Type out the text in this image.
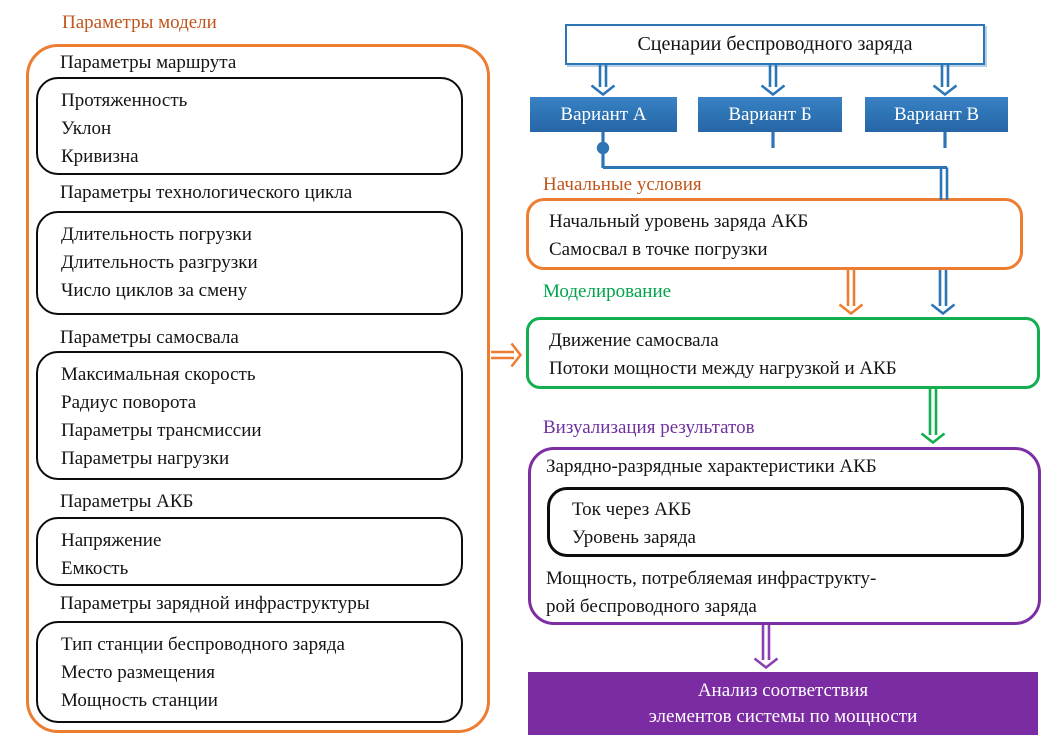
Параметры модели
Параметры маршрута
Протяженность
Уклон
Кривизна
Параметры технологического цикла
Длительность погрузки
Длительность разгрузки
Число циклов за смену
Параметры самосвала
Максимальная скорость
Радиус поворота
Параметры трансмиссии
Параметры нагрузки
Параметры АКБ
Напряжение
Емкость
Параметры зарядной инфраструктуры
Тип станции беспроводного заряда
Место размещения
Мощность станции
Сценарии беспроводного заряда
Вариант А	Вариант Б	Вариант В
Начальные условия
Начальный уровень заряда АКБ
Самосвал в точке погрузки
Моделирование
Движение самосвала
Потоки мощности между нагрузкой и АКБ
Визуализация результатов
Зарядно-разрядные характеристики АКБ
Ток через АКБ
Уровень заряда
Мощность, потребляемая инфраструкту-
рой беспроводного заряда
Анализ соответствия
элементов системы по мощности
